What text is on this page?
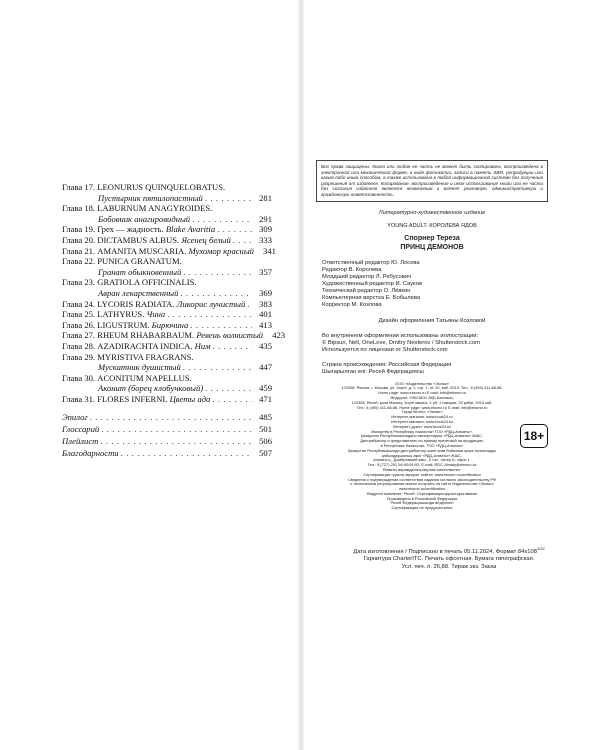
Глава 17. LEONURUS QUINQUELOBATUS.
Пустырник пятилопастный . . .	281
Глава 18. LABURNUM ANAGYROIDES.
Бобовник анагировидный . . .	291
Глава 19. Грех — жадность. Blake Avaritia . . .	309
Глава 20. DICTAMBUS ALBUS. Ясенец белый . . .	333
Глава 21. AMANITA MUSCARIA. Мухомор красный	341
Глава 22. PUNICA GRANATUM.
Гранат обыкновенный . . .	357
Глава 23. GRATIOLA OFFICINALIS.
Авран лекарственный . . .	369
Глава 24. LYCORIS RADIATA. Ликорис лучистый . . .	383
Глава 25. LATHYRUS. Чина . . .	401
Глава 26. LIGUSTRUM. Бирючина . . .	413
Глава 27. RHEUM RHABARBAUM. Ревень волнистый	423
Глава 28. AZADIRACHTA INDICA. Ним . . .	435
Глава 29. MYRISTIVA FRAGRANS.
Мускатник душистый . . .	447
Глава 30. ACONITUM NAPELLUS.
Аконит (борец клобучковый) . . .	459
Глава 31. FLORES INFERNI. Цветы ада . . .	471
Эпилог . . .	485
Глоссарий . . .	501
Плейлист . . .	506
Благодарности . . .	507
Все права защищены. Книга или любая ее часть не может быть скопирована, воспроизведена в электронной или механической форме, в виде фотокопии, записи в память ЭВМ, репродукции или каким-либо иным способом, а также использована в любой информационной системе без получения разрешения от издателя. Копирование, воспроизведение и иное использование книги или ее части без согласия издателя является незаконным и влечет уголовную, административную и гражданскую ответственность.
Литературно-художественное издание
YOUNG ADULT. КОРОЛЕВА ЯДОВ
Спорнер Тереза
ПРИНЦ ДЕМОНОВ
Ответственный редактор Ю. Лосева
Редактор В. Королева
Младший редактор Л. Ребусович
Художественный редактор И. Сауков
Технический редактор О. Лёвкин
Компьютерная верстка Е. Бобылева
Корректор М. Козлова
Дизайн оформления Татьяны Козловой
Во внутреннем оформлении использованы иллюстрации:
© Bipsun, Nell, OneLove, Dmitry Nesterov / Shutterstock.com
Используется по лицензии от Shutterstock.com
Страна происхождения: Российская Федерация
Шығарылған елі: Ресей Федерациясы
ООО «Издательство «Эксмо»
123308, Россия, г. Москва, ул. Зорге, д. 1, стр. 1, эт. 20, каб. 2013. Тел.: 8 (495) 411-68-86.
Home page: www.eksmo.ru E-mail: info@eksmo.ru
Өндіруші: «ЭКСМО» АҚБ Баспасы,
123308, Ресей, қала Мәскеу, Зорге көшесі, 1 үй, 1 ғимарат, 20 қабат, 2013 каб.
Тел.: 8 (495) 411-68-86. Home page: www.eksmo.ru E-mail: info@eksmo.ru
Тауар белгісі: «Эксмо»
Интернет-магазин: www.book24.ru
Интернет-магазин: www.book24.kz
Интернет-дүкен: www.book24.kz
Импортёр в Республику Казахстан ТОО «РДЦ-Алматы».
Қазақстан Республикасындағы импорттаушы «РДЦ-Алматы» ЖШС.
Дистрибьютор и представитель по приему претензий на продукцию,
в Республике Казахстан: ТОО «РДЦ-Алматы»
Қазақстан Республикасында дистрибьютор және өнім бойынша арыз-талаптарды
қабылдаушының өкілі «РДЦ-Алматы» ЖШС,
Алматы қ., Домбровский көш., 3 «а», литер Б, офис 1.
Тел.: 8 (727) 251-59-90/91/92; E-mail: RDC-Almaty@eksmo.kz
Өнімнің жарамдылық мерзімі шектелмеген.
Сертификация туралы ақпарат сайтта: www.eksmo.ru/certification
Сведения о подтверждении соответствия издания согласно законодательству РФ
о техническом регулировании можно получить на сайте Издательства «Эксмо»
www.eksmo.ru/certification
Өндірген мемлекет: Ресей. Сертификация қарастырылмаған
Произведено в Российской Федерации
Ресей Федерациясында өндірілген
Сертификация не предусмотрена
18+
Дата изготовления / Подписано в печать 05.11.2024. Формат $84x108^{1/32}$
Гарнитура CharterITC. Печать офсетная. Бумага типографская.
Усл. печ. л. 26,88. Тираж экз. Заказ
